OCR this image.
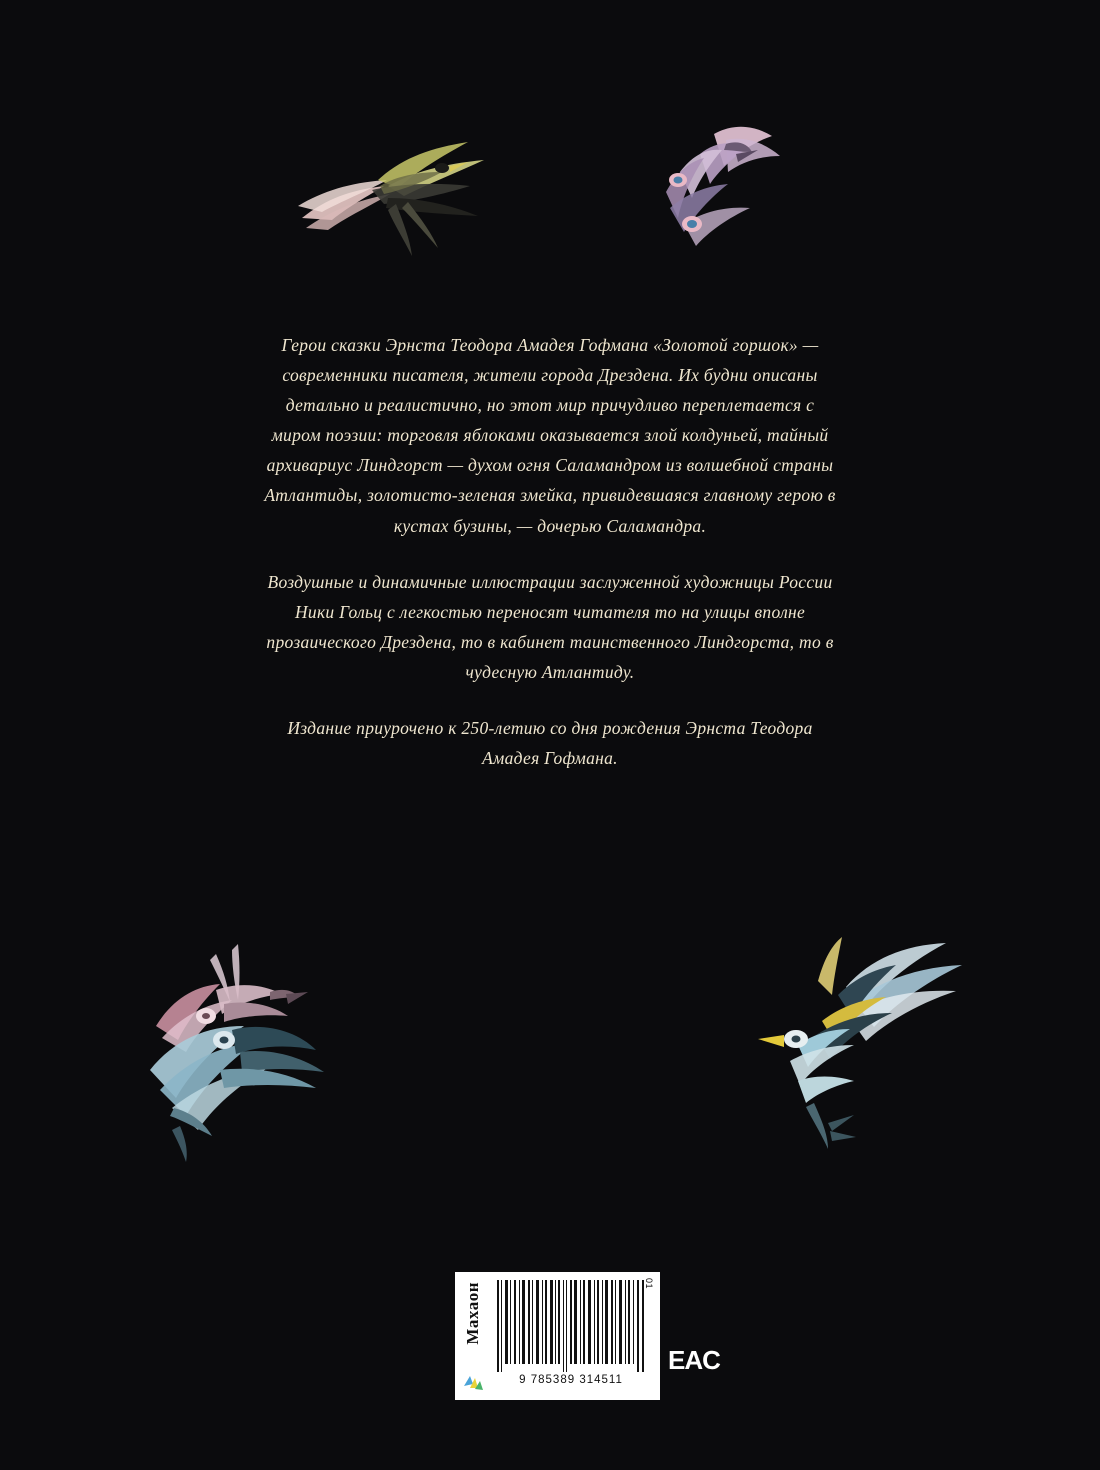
Герои сказки Эрнста Теодора Амадея Гофмана «Золотой горшок» — современники писателя, жители города Дрездена. Их будни описаны детально и реалистично, но этот мир причудливо переплетается с миром поэзии: торговля яблоками оказывается злой колдуньей, тайный архивариус Линдгорст — духом огня Саламандром из волшебной страны Атлантиды, золотисто-зеленая змейка, привидевшаяся главному герою в кустах бузины, — дочерью Саламандра.

Воздушные и динамичные иллюстрации заслуженной художницы России Ники Гольц с легкостью переносят читателя то на улицы вполне прозаического Дрездена, то в кабинет таинственного Линдгорста, то в чудесную Атлантиду.

Издание приурочено к 250-летию со дня рождения Эрнста Теодора Амадея Гофмана.

Махаон	01
9 785389 314511
ЕAC
